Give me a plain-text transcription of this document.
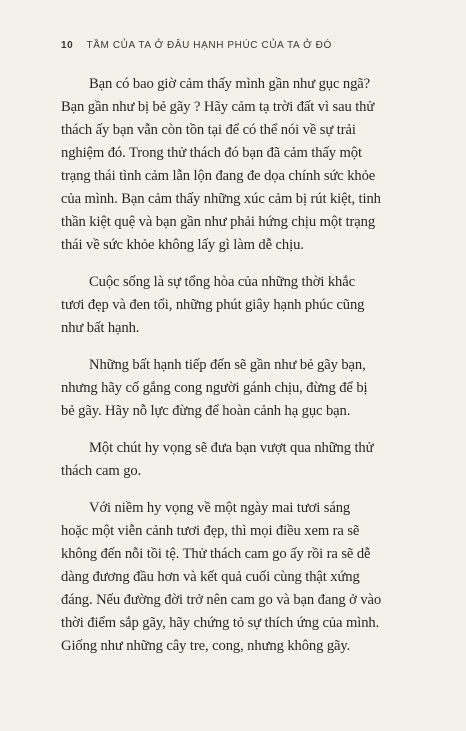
10 TẦM CỦA TA Ở ĐÂU HẠNH PHÚC CỦA TA Ở ĐÓ
Bạn có bao giờ cảm thấy mình gần như gục ngã?
Bạn gần như bị bẻ gãy ? Hãy cảm tạ trời đất vì sau thử
thách ấy bạn vẫn còn tồn tại để có thể nói về sự trải
nghiệm đó. Trong thử thách đó bạn đã cảm thấy một
trạng thái tình cảm lẫn lộn đang đe dọa chính sức khỏe
của mình. Bạn cảm thấy những xúc cảm bị rút kiệt, tinh
thần kiệt quệ và bạn gần như phải hứng chịu một trạng
thái về sức khỏe không lấy gì làm dễ chịu.
Cuộc sống là sự tổng hòa của những thời khắc
tươi đẹp và đen tối, những phút giây hạnh phúc cũng
như bất hạnh.
Những bất hạnh tiếp đến sẽ gần như bẻ gãy bạn,
nhưng hãy cố gắng cong người gánh chịu, đừng để bị
bẻ gãy. Hãy nỗ lực đừng để hoàn cảnh hạ gục bạn.
Một chút hy vọng sẽ đưa bạn vượt qua những thử
thách cam go.
Với niềm hy vọng về một ngày mai tươi sáng
hoặc một viễn cảnh tươi đẹp, thì mọi điều xem ra sẽ
không đến nỗi tồi tệ. Thử thách cam go ấy rồi ra sẽ dễ
dàng đương đầu hơn và kết quả cuối cùng thật xứng
đáng. Nếu đường đời trở nên cam go và bạn đang ở vào
thời điểm sắp gãy, hãy chứng tỏ sự thích ứng của mình.
Giống như những cây tre, cong, nhưng không gãy.
